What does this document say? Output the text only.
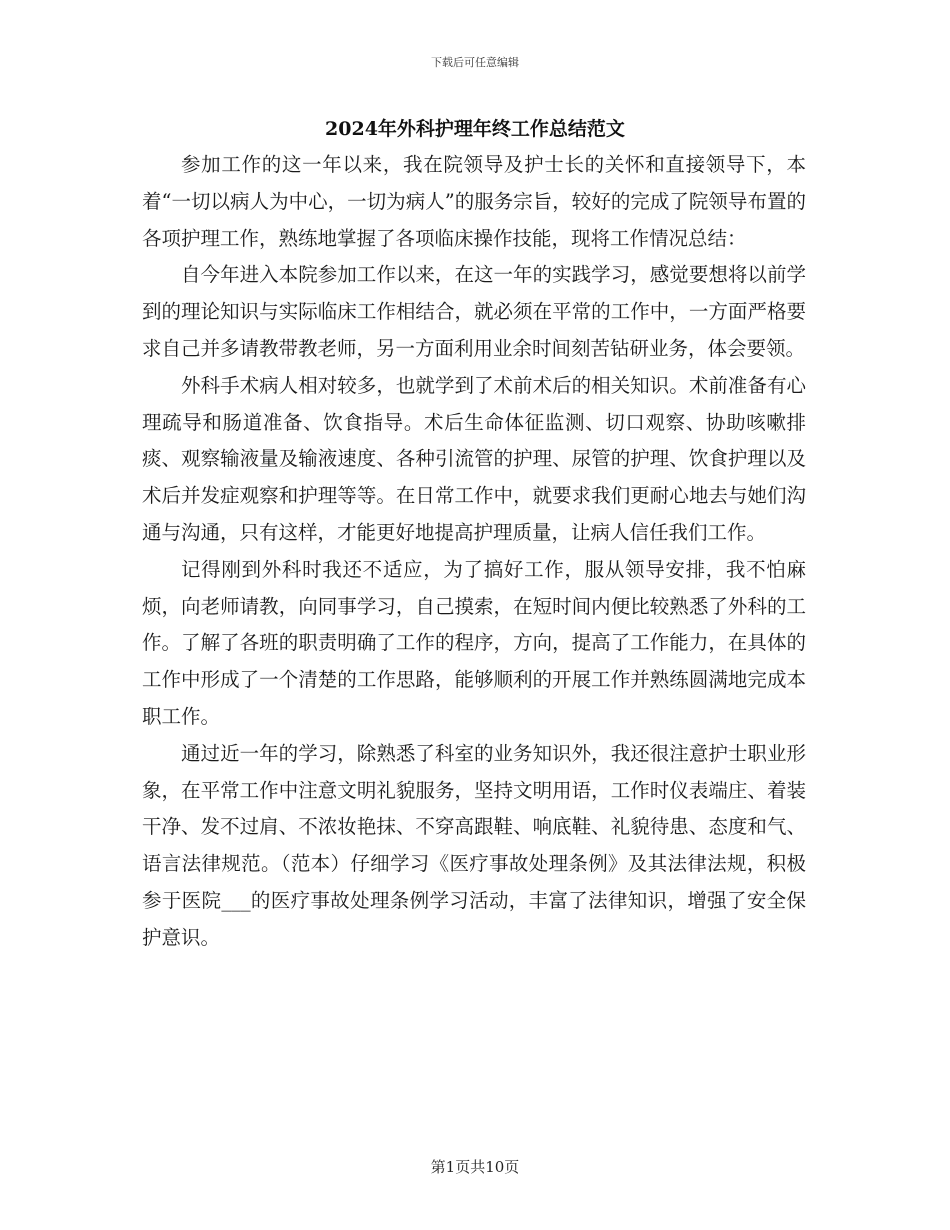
下载后可任意编辑
2024年外科护理年终工作总结范文

参加工作的这一年以来，我在院领导及护士长的关怀和直接领导下，本着“一切以病人为中心，一切为病人”的服务宗旨，较好的完成了院领导布置的各项护理工作，熟练地掌握了各项临床操作技能，现将工作情况总结：

自今年进入本院参加工作以来，在这一年的实践学习，感觉要想将以前学到的理论知识与实际临床工作相结合，就必须在平常的工作中，一方面严格要求自己并多请教带教老师，另一方面利用业余时间刻苦钻研业务，体会要领。

外科手术病人相对较多，也就学到了术前术后的相关知识。术前准备有心理疏导和肠道准备、饮食指导。术后生命体征监测、切口观察、协助咳嗽排痰、观察输液量及输液速度、各种引流管的护理、尿管的护理、饮食护理以及术后并发症观察和护理等等。在日常工作中，就要求我们更耐心地去与她们沟通与沟通，只有这样，才能更好地提高护理质量，让病人信任我们工作。

记得刚到外科时我还不适应，为了搞好工作，服从领导安排，我不怕麻烦，向老师请教，向同事学习，自己摸索，在短时间内便比较熟悉了外科的工作。了解了各班的职责明确了工作的程序，方向，提高了工作能力，在具体的工作中形成了一个清楚的工作思路，能够顺利的开展工作并熟练圆满地完成本职工作。

通过近一年的学习，除熟悉了科室的业务知识外，我还很注意护士职业形象，在平常工作中注意文明礼貌服务，坚持文明用语，工作时仪表端庄、着装干净、发不过肩、不浓妆艳抹、不穿高跟鞋、响底鞋、礼貌待患、态度和气、语言法律规范。（范本）仔细学习《医疗事故处理条例》及其法律法规，积极参于医院___的医疗事故处理条例学习活动，丰富了法律知识，增强了安全保护意识。

第1页共10页
